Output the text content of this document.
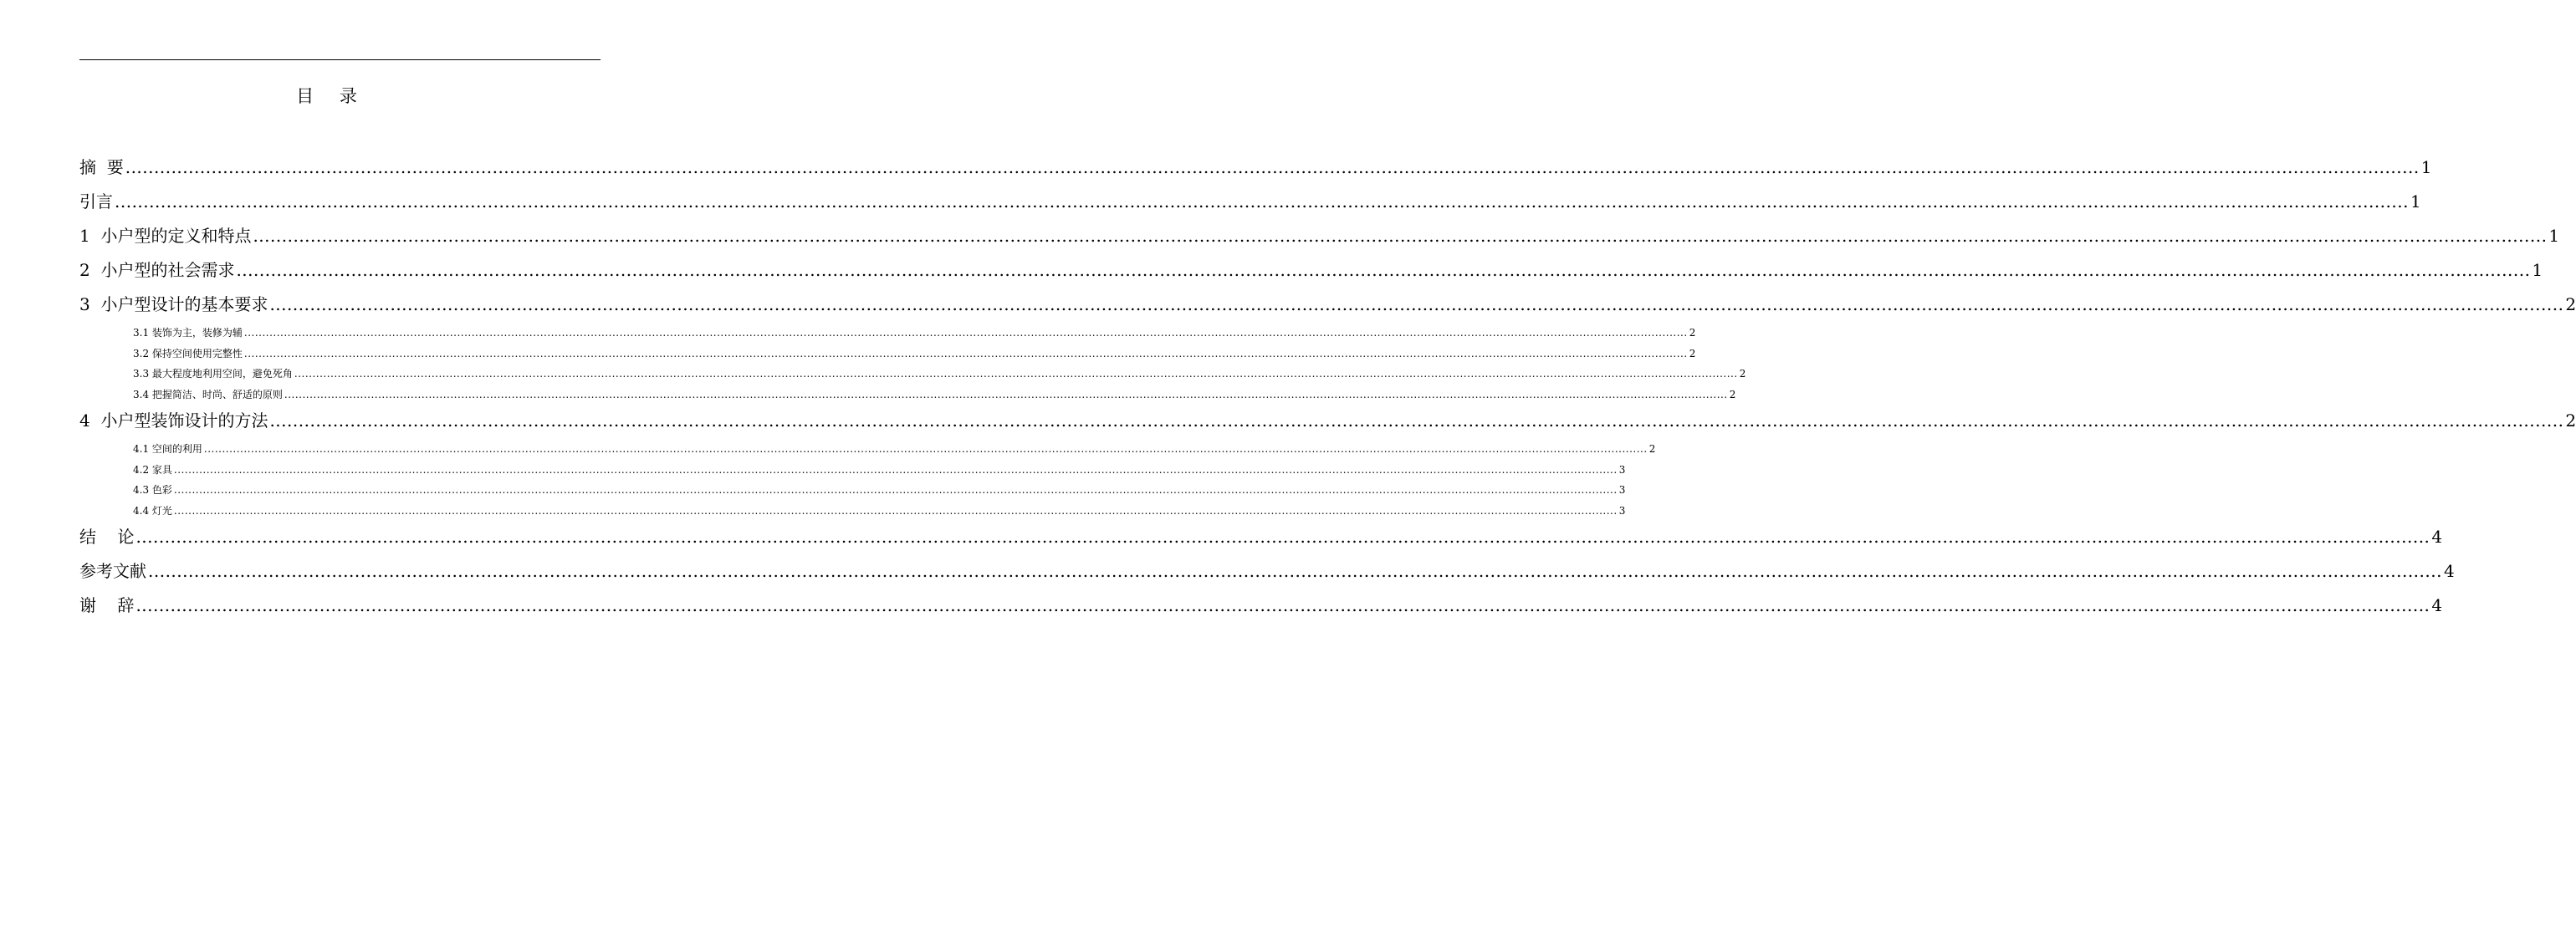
目 录
摘  要 ................................................................................................................................................................................................................................................................................................................................................................................................................ 1
引言 ................................................................................................................................................................................................................................................................................................................................................................................................................ 1
1  小户型的定义和特点 ................................................................................................................................................................................................................................................................................................................................................................................................................ 1
2  小户型的社会需求 ................................................................................................................................................................................................................................................................................................................................................................................................................ 1
3  小户型设计的基本要求 ................................................................................................................................................................................................................................................................................................................................................................................................................ 2
3.1 装饰为主，装修为辅 ................................................................................................................................................................................................................................................................................................................................................................................................................ 2
3.2 保持空间使用完整性 ................................................................................................................................................................................................................................................................................................................................................................................................................ 2
3.3 最大程度地利用空间，避免死角 ................................................................................................................................................................................................................................................................................................................................................................................................................ 2
3.4 把握简洁、时尚、舒适的原则 ................................................................................................................................................................................................................................................................................................................................................................................................................ 2
4  小户型装饰设计的方法 ................................................................................................................................................................................................................................................................................................................................................................................................................ 2
4.1 空间的利用 ................................................................................................................................................................................................................................................................................................................................................................................................................ 2
4.2 家具 ................................................................................................................................................................................................................................................................................................................................................................................................................ 3
4.3 色彩 ................................................................................................................................................................................................................................................................................................................................................................................................................ 3
4.4 灯光 ................................................................................................................................................................................................................................................................................................................................................................................................................ 3
结    论 ................................................................................................................................................................................................................................................................................................................................................................................................................ 4
参考文献 ................................................................................................................................................................................................................................................................................................................................................................................................................ 4
谢    辞 ................................................................................................................................................................................................................................................................................................................................................................................................................ 4
